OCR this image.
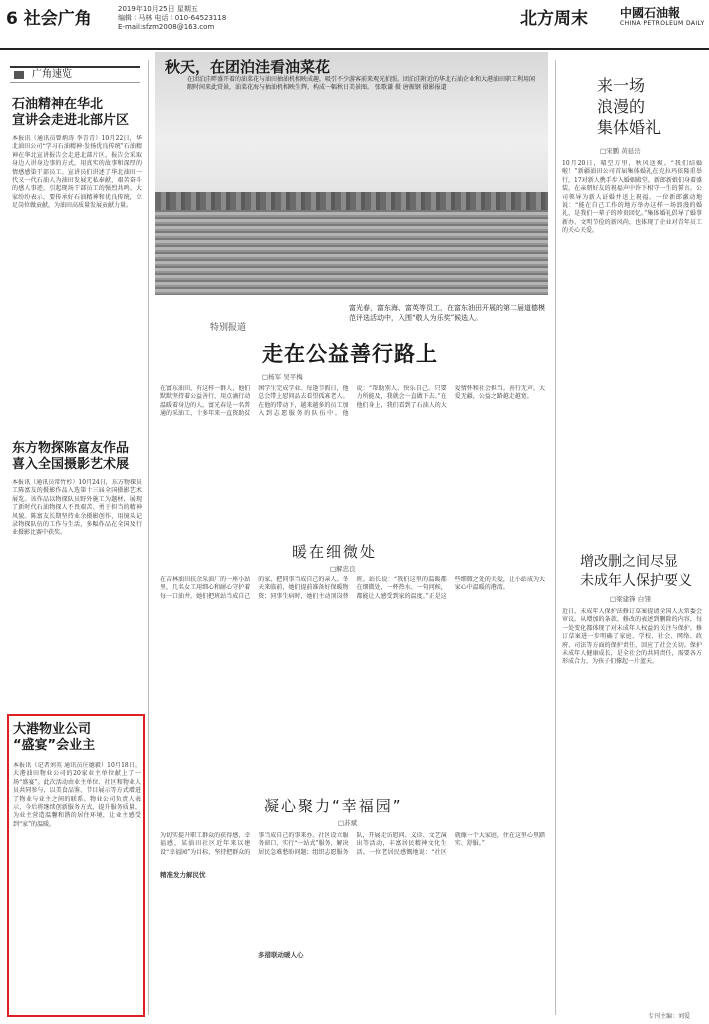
6 社会广角	2019年10月25日 星期五
编辑 ∶ 马林 电话 ∶ 010-64523118
E-mail:sfzm2008@163.com	北方周末	中國石油報
CHINA PETROLEUM DAILY
广角速览
石油精神在华北
宣讲会走进北部片区
本报讯（通讯员曾炳涛 李青青）10月22日，华北油田公司“学习石油精神·发扬优良传统”石油精神在华北宣讲报告会走进北部片区。报告会采取身边人讲身边事的方式，用真实的故事和深厚的情感感染干部员工。宣讲员们讲述了华北油田一代又一代石油人为油田发展无私奉献、艰苦奋斗的感人事迹，引起现场干部员工的强烈共鸣。大家纷纷表示，要传承好石油精神和优良传统，立足岗位做贡献，为油田高质量发展贡献力量。
东方物探陈富友作品
喜入全国摄影艺术展
本报讯（通讯员常竹杉）10月24日，东方物探员工陈富友的摄影作品入选第十三届全国摄影艺术展览。该作品以物探队员野外施工为题材，展现了新时代石油物探人不畏艰苦、勇于担当的精神风貌。陈富友长期坚持业余摄影创作，用镜头记录物探队伍的工作与生活，多幅作品在全国及行业摄影比赛中获奖。
大港物业公司
“盛宴”会业主
本报讯（记者刘英 通讯员庄德毅）10月18日，大港油田物业公司的20家业主单位献上了一场“盛宴”。此次活动由业主单位、社区和物业人员共同参与，以美食品鉴、节目展示等方式增进了物业与业主之间的联系。物业公司负责人表示，今后将继续创新服务方式，提升服务质量，为业主营造温馨和谐的居住环境，让业主感受到“家”的温暖。
秋天，在团泊洼看油菜花
在团泊洼畔盛开着的油菜花与油田抽油机相映成趣，吸引不少游客前来观光拍照。团泊洼附近的华北石油企业和大港油田职工利用闲暇时间来此赏景，油菜花海与抽油机相映生辉，构成一幅秋日美景图。 张歌谦 摄 唐振钢 摄影报道
特别报道
富光春，富东海、富英等员工，在富东油田开展的第二届道德模范评选活动中，入围“敬人为乐奖”候选人。
走在公益善行路上
□杨军 吴平梅
在富东油田，有这样一群人，他们默默坚持着公益善行，用点滴行动温暖着身边的人。富光春是一名普通的采油工，十多年来一直资助贫困学生完成学业。每逢节假日，他总会带上慰问品去看望孤寡老人。在他的带动下，越来越多的员工加入到志愿服务的队伍中。他说：“帮助别人，快乐自己。只要力所能及，我就会一直做下去。”在他们身上，我们看到了石油人的大爱情怀和社会担当。善行无声，大爱无疆，公益之路越走越宽。
暖在细微处
□解忠良
在吉林油田扶余采油厂的一座小站里，几名女工用细心和耐心守护着每一口油井。她们把班站当成自己的家，把同事当成自己的亲人。冬天来临前，她们提前准备好保暖物资；同事生病时，她们主动顶岗替班。站长说：“我们这里的温暖都在细微处，一杯热水、一句问候，都能让人感受到家的温度。”正是这些细微之处的关爱，让小站成为大家心中温暖的港湾。
凝心聚力“幸福园”
□苏斌
为切实提升职工群众的获得感、幸福感，某油田社区近年来以建设“幸福园”为目标，坚持把群众的事当成自己的事来办。社区设立服务窗口，实行“一站式”服务，解决居民急难愁盼问题；组织志愿服务队，开展走访慰问、义诊、文艺演出等活动，丰富居民精神文化生活。一位老居民感慨地说：“社区就像一个大家庭，住在这里心里踏实、舒服。”
精准发力解民忧
多措联动暖人心
来一场
浪漫的
集体婚礼
□宋鹏 黄延岳
10月20日，晴空万里，秋风送爽。“我们结婚啦！”新疆油田公司首届集体婚礼在克拉玛依隆重举行，17对新人携手步入婚姻殿堂。新郎新娘们身着盛装，在亲朋好友的祝福声中许下相守一生的誓言。公司领导为新人证婚并送上祝福。一位新郎激动地说：“能在自己工作的地方举办这样一场浪漫的婚礼，是我们一辈子的珍贵回忆。”集体婚礼倡导了婚事新办、文明节俭的新风尚，也体现了企业对青年员工的关心关爱。
增改删之间尽显
未成年人保护要义
□梁建锋 白翎
近日，未成年人保护法修订草案提请全国人大常委会审议。从增加的条款、修改的表述到删除的内容，每一处变化都体现了对未成年人权益的关注与保护。修订草案进一步明确了家庭、学校、社会、网络、政府、司法等方面的保护责任，回应了社会关切。保护未成年人健康成长，是全社会的共同责任，需要各方形成合力，为孩子们撑起一片蓝天。
专刊主编：刘爱
